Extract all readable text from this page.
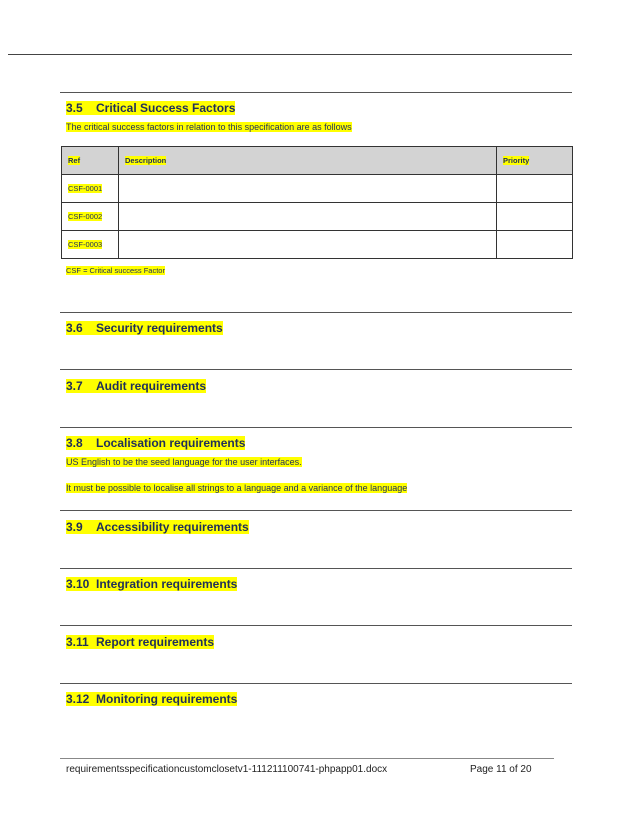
3.5 Critical Success Factors
The critical success factors in relation to this specification are as follows
Ref	Description	Priority
CSF-0001		
CSF-0002		
CSF-0003		
CSF = Critical success Factor
3.6 Security requirements
3.7 Audit requirements
3.8 Localisation requirements
US English to be the seed language for the user interfaces.
It must be possible to localise all strings to a language and a variance of the language
3.9 Accessibility requirements
3.10 Integration requirements
3.11 Report requirements
3.12 Monitoring requirements
requirementsspecificationcustomclosetv1-111211100741-phpapp01.docx	Page 11 of 20
